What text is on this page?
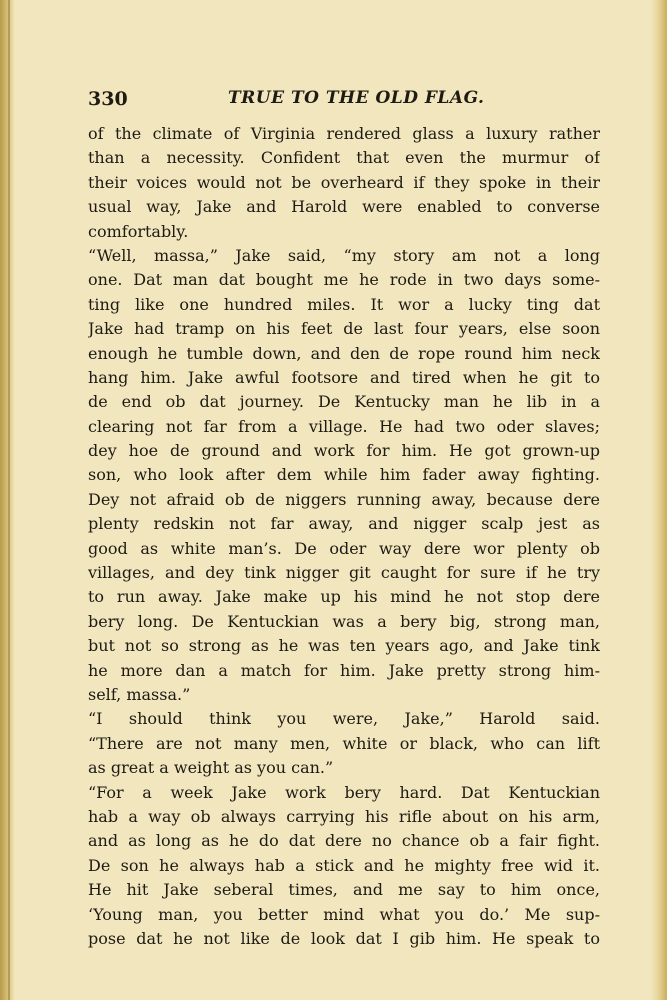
330	TRUE TO THE OLD FLAG.
of the climate of Virginia rendered glass a luxury rather
than a necessity. Confident that even the murmur of
their voices would not be overheard if they spoke in their
usual way, Jake and Harold were enabled to converse
comfortably.
“Well, massa,” Jake said, “my story am not a long
one. Dat man dat bought me he rode in two days some-
ting like one hundred miles. It wor a lucky ting dat
Jake had tramp on his feet de last four years, else soon
enough he tumble down, and den de rope round him neck
hang him. Jake awful footsore and tired when he git to
de end ob dat journey. De Kentucky man he lib in a
clearing not far from a village. He had two oder slaves;
dey hoe de ground and work for him. He got grown-up
son, who look after dem while him fader away fighting.
Dey not afraid ob de niggers running away, because dere
plenty redskin not far away, and nigger scalp jest as
good as white man’s. De oder way dere wor plenty ob
villages, and dey tink nigger git caught for sure if he try
to run away. Jake make up his mind he not stop dere
bery long. De Kentuckian was a bery big, strong man,
but not so strong as he was ten years ago, and Jake tink
he more dan a match for him. Jake pretty strong him-
self, massa.”
“I should think you were, Jake,” Harold said.
“There are not many men, white or black, who can lift
as great a weight as you can.”
“For a week Jake work bery hard. Dat Kentuckian
hab a way ob always carrying his rifle about on his arm,
and as long as he do dat dere no chance ob a fair fight.
De son he always hab a stick and he mighty free wid it.
He hit Jake seberal times, and me say to him once,
‘Young man, you better mind what you do.’ Me sup-
pose dat he not like de look dat I gib him. He speak to
